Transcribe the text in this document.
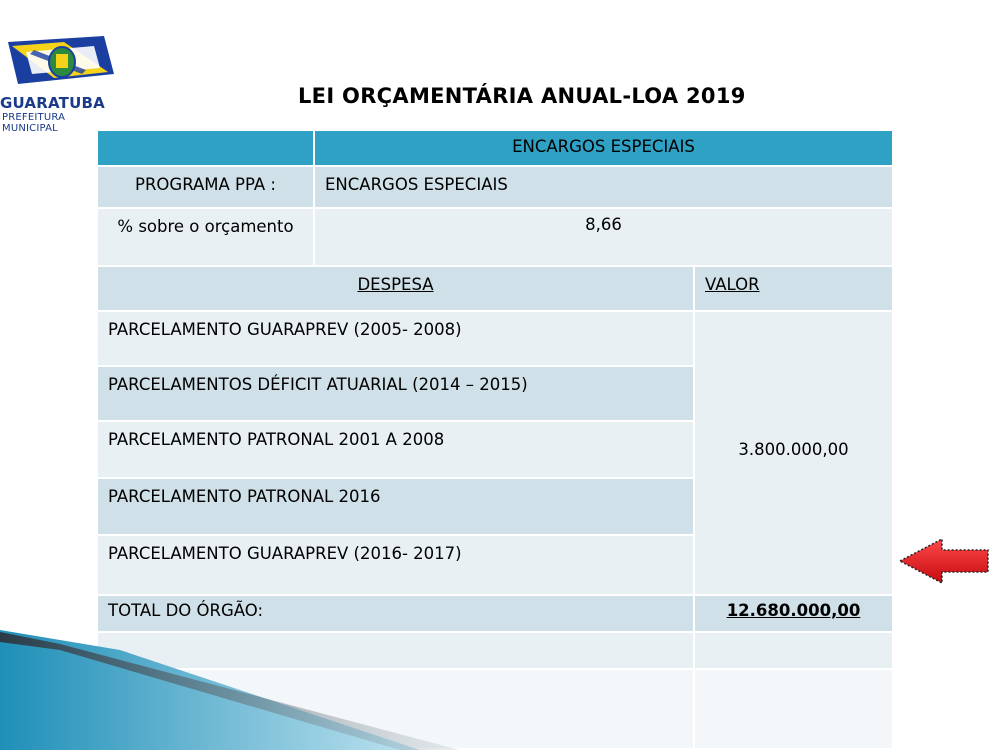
GUARATUBA
PREFEITURA MUNICIPAL
LEI ORÇAMENTÁRIA ANUAL-LOA 2019
ENCARGOS ESPECIAIS
PROGRAMA PPA :	ENCARGOS ESPECIAIS
% sobre o orçamento	8,66
DESPESA	VALOR
PARCELAMENTO GUARAPREV (2005- 2008)
PARCELAMENTOS DÉFICIT ATUARIAL (2014 – 2015)
PARCELAMENTO PATRONAL 2001 A 2008
PARCELAMENTO PATRONAL 2016
PARCELAMENTO GUARAPREV (2016- 2017)
3.800.000,00
TOTAL DO ÓRGÃO:	12.680.000,00
